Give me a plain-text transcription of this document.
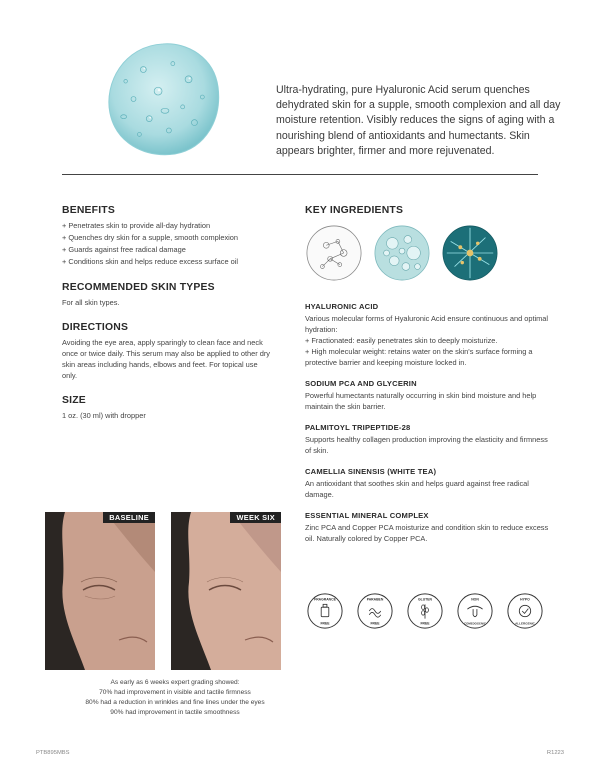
Ultra-hydrating, pure Hyaluronic Acid serum quenches dehydrated skin for a supple, smooth complexion and all day moisture retention. Visibly reduces the signs of aging with a nourishing blend of antioxidants and humectants. Skin appears brighter, firmer and more rejuvenated.

BENEFITS
+ Penetrates skin to provide all-day hydration
+ Quenches dry skin for a supple, smooth complexion
+ Guards against free radical damage
+ Conditions skin and helps reduce excess surface oil
RECOMMENDED SKIN TYPES

For all skin types.

DIRECTIONS

Avoiding the eye area, apply sparingly to clean face and neck once or twice daily. This serum may also be applied to other dry skin areas including hands, elbows and feet. For topical use only.

SIZE

1 oz. (30 ml) with dropper

KEY INGREDIENTS
HYALURONIC ACID

Various molecular forms of Hyaluronic Acid ensure continuous and optimal hydration:

+ Fractionated: easily penetrates skin to deeply moisturize.
+ High molecular weight: retains water on the skin's surface forming a protective barrier and keeping moisture locked in.
SODIUM PCA AND GLYCERIN

Powerful humectants naturally occurring in skin bind moisture and help maintain the skin barrier.

PALMITOYL TRIPEPTIDE-28

Supports healthy collagen production improving the elasticity and firmness of skin.

CAMELLIA SINENSIS (WHITE TEA)

An antioxidant that soothes skin and helps guard against free radical damage.

ESSENTIAL MINERAL COMPLEX

Zinc PCA and Copper PCA moisturize and condition skin to reduce excess oil. Naturally colored by Copper PCA.

BASELINE	WEEK SIX
As early as 6 weeks expert grading showed:
70% had improvement in visible and tactile firmness
80% had a reduction in wrinkles and fine lines under the eyes
90% had improvement in tactile smoothness
FRAGRANCE
FREE
PARABEN
FREE
GLUTEN
FREE
NON
COMEDOGENIC
HYPO
ALLERGENIC
PTB895MBS	R1223
